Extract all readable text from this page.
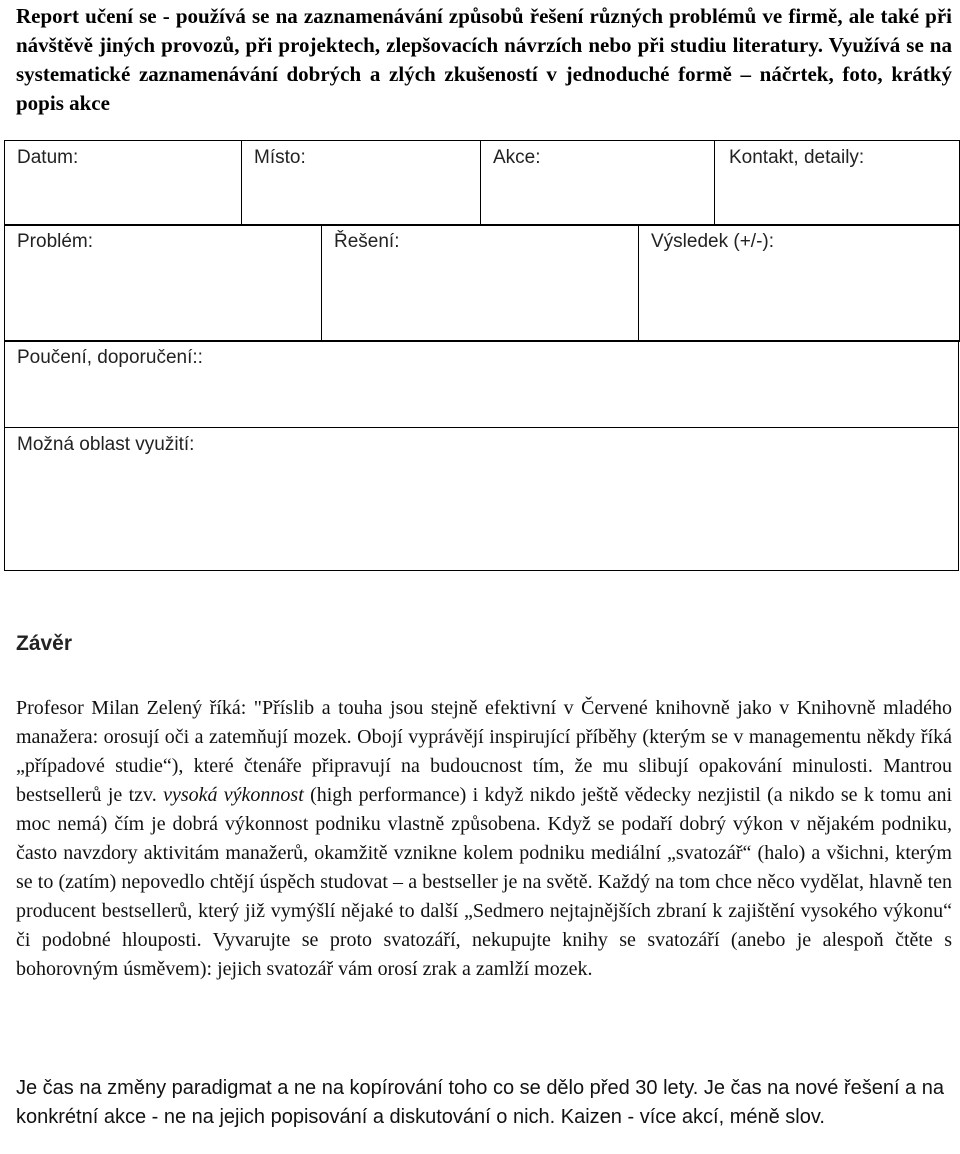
Report učení se - používá se na zaznamenávání způsobů řešení různých problémů ve firmě, ale také při návštěvě jiných provozů, při projektech, zlepšovacích návrzích nebo při studiu literatury. Využívá se na systematické zaznamenávání dobrých a zlých zkušeností v jednoduché formě – náčrtek, foto, krátký popis akce

Datum:	Místo:	Akce:	Kontakt, detaily:
Problém:	Řešení:	Výsledek (+/-):
Poučení, doporučení::
Možná oblast využití:
Závěr

Profesor Milan Zelený říká: "Příslib a touha jsou stejně efektivní v Červené knihovně jako v Knihovně mladého manažera: orosují oči a zatemňují mozek. Obojí vyprávějí inspirující příběhy (kterým se v managementu někdy říká „případové studie“), které čtenáře připravují na budoucnost tím, že mu slibují opakování minulosti. Mantrou bestsellerů je tzv. vysoká výkonnost (high performance) i když nikdo ještě vědecky nezjistil (a nikdo se k tomu ani moc nemá) čím je dobrá výkonnost podniku vlastně způsobena. Když se podaří dobrý výkon v nějakém podniku, často navzdory aktivitám manažerů, okamžitě vznikne kolem podniku mediální „svatozář“ (halo) a všichni, kterým se to (zatím) nepovedlo chtějí úspěch studovat – a bestseller je na světě. Každý na tom chce něco vydělat, hlavně ten producent bestsellerů, který již vymýšlí nějaké to další „Sedmero nejtajnějších zbraní k zajištění vysokého výkonu“ či podobné hlouposti. Vyvarujte se proto svatozáří, nekupujte knihy se svatozáří (anebo je alespoň čtěte s bohorovným úsměvem): jejich svatozář vám orosí zrak a zamlží mozek.

Je čas na změny paradigmat a ne na kopírování toho co se dělo před 30 lety. Je čas na nové řešení a na konkrétní akce - ne na jejich popisování a diskutování o nich. Kaizen - více akcí, méně slov.
